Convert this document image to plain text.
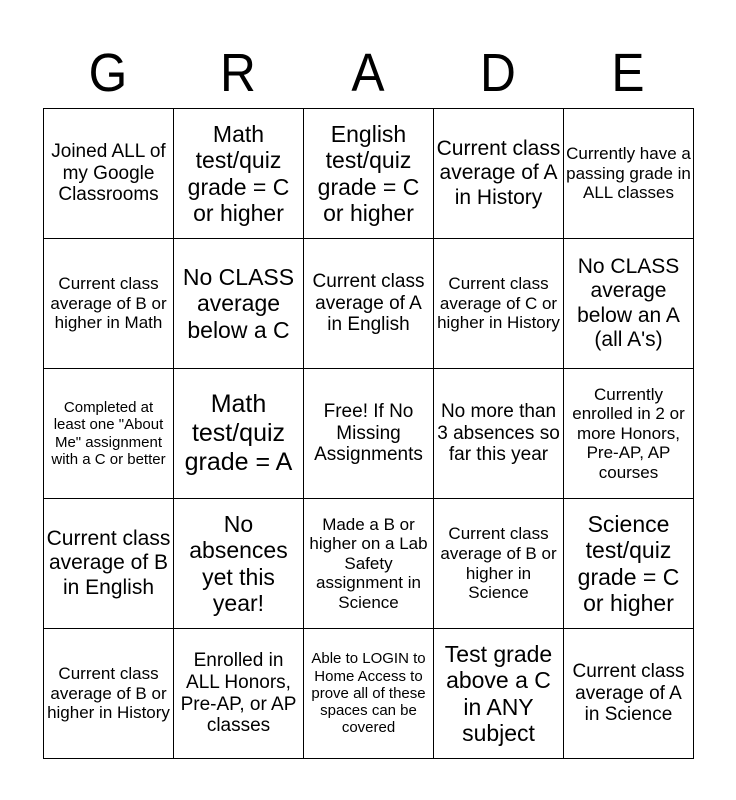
G	R	A	D	E
Joined ALL of my Google Classrooms	Math test/quiz grade = C or higher	English test/quiz grade = C or higher	Current class average of A in History	Currently have a passing grade in ALL classes
Current class average of B or higher in Math	No CLASS average below a C	Current class average of A in English	Current class average of C or higher in History	No CLASS average below an A (all A's)
Completed at least one "About Me" assignment with a C or better	Math test/quiz grade = A	Free! If No Missing Assignments	No more than 3 absences so far this year	Currently enrolled in 2 or more Honors, Pre-AP, AP courses
Current class average of B in English	No absences yet this year!	Made a B or higher on a Lab Safety assignment in Science	Current class average of B or higher in Science	Science test/quiz grade = C or higher
Current class average of B or higher in History	Enrolled in ALL Honors, Pre-AP, or AP classes	Able to LOGIN to Home Access to prove all of these spaces can be covered	Test grade above a C in ANY subject	Current class average of A in Science
